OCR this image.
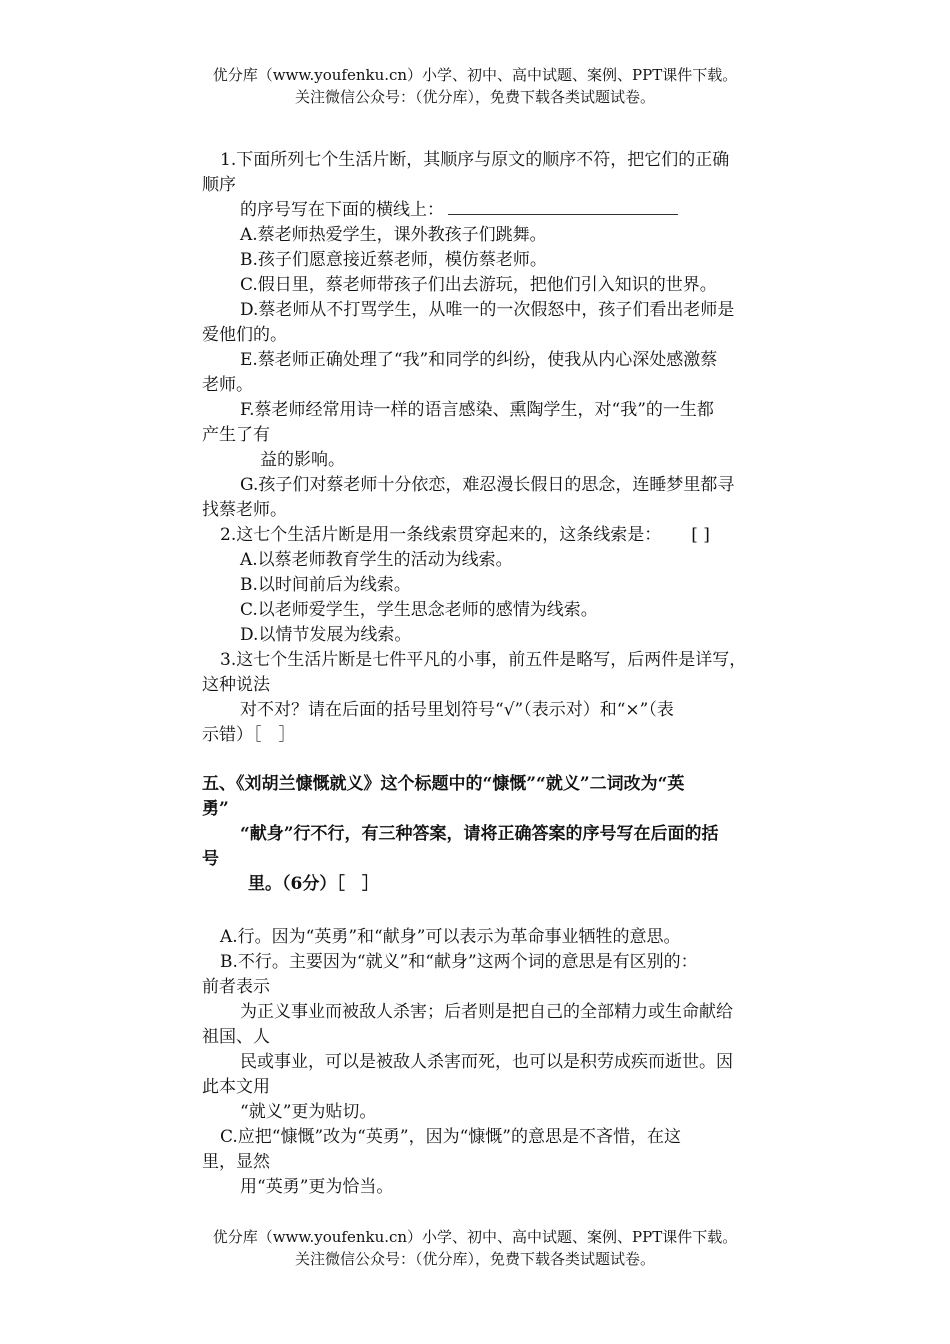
优分库（www.youfenku.cn）小学、初中、高中试题、案例、PPT课件下载。
关注微信公众号：（优分库），免费下载各类试题试卷。

1.下面所列七个生活片断，其顺序与原文的顺序不符，把它们的正确

顺序

的序号写在下面的横线上：

A.蔡老师热爱学生，课外教孩子们跳舞。

B.孩子们愿意接近蔡老师，模仿蔡老师。

C.假日里，蔡老师带孩子们出去游玩，把他们引入知识的世界。

D.蔡老师从不打骂学生，从唯一的一次假怒中，孩子们看出老师是

爱他们的。

E.蔡老师正确处理了“我”和同学的纠纷，使我从内心深处感激蔡

老师。

F.蔡老师经常用诗一样的语言感染、熏陶学生，对“我”的一生都

产生了有

益的影响。

G.孩子们对蔡老师十分依恋，难忍漫长假日的思念，连睡梦里都寻

找蔡老师。

2.这七个生活片断是用一条线索贯穿起来的，这条线索是： [ ]

A.以蔡老师教育学生的活动为线索。

B.以时间前后为线索。

C.以老师爱学生，学生思念老师的感情为线索。

D.以情节发展为线索。

3.这七个生活片断是七件平凡的小事，前五件是略写，后两件是详写，

这种说法

对不对？请在后面的括号里划符号“√”（表示对）和“×”（表

示错）［　］

五、《刘胡兰慷慨就义》这个标题中的“慷慨”“就义”二词改为“英

勇”

“献身”行不行，有三种答案，请将正确答案的序号写在后面的括

号

里。（6分）［　］

A.行。因为“英勇”和“献身”可以表示为革命事业牺牲的意思。

B.不行。主要因为“就义”和“献身”这两个词的意思是有区别的：

前者表示

为正义事业而被敌人杀害；后者则是把自己的全部精力或生命献给

祖国、人

民或事业，可以是被敌人杀害而死，也可以是积劳成疾而逝世。因

此本文用

“就义”更为贴切。

C.应把“慷慨”改为“英勇”，因为“慷慨”的意思是不吝惜，在这

里，显然

用“英勇”更为恰当。

优分库（www.youfenku.cn）小学、初中、高中试题、案例、PPT课件下载。
关注微信公众号：（优分库），免费下载各类试题试卷。
